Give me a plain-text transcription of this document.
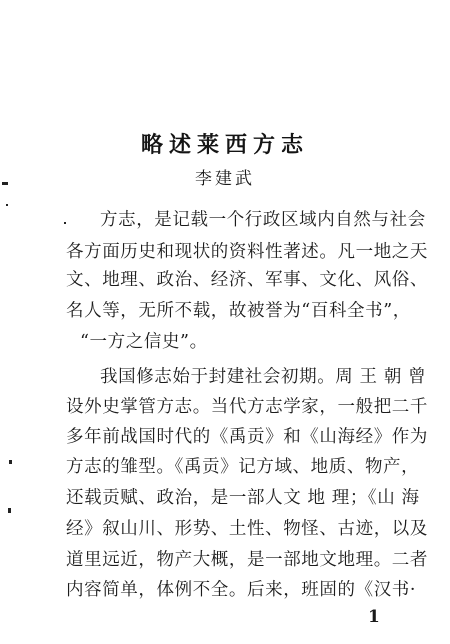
略述莱西方志
李建武
方志，是记载一个行政区域内自然与社会
各方面历史和现状的资料性著述。凡一地之天
文、地理、政治、经济、军事、文化、风俗、
名人等，无所不载，故被誉为“百科全书”，
“一方之信史”。
我国修志始于封建社会初期。周 王 朝 曾
设外史掌管方志。当代方志学家，一般把二千
多年前战国时代的《禹贡》和《山海经》作为
方志的雏型。《禹贡》记方域、地质、物产，
还载贡赋、政治，是一部人文 地 理；《山 海
经》叙山川、形势、土性、物怪、古迹，以及
道里远近，物产大概，是一部地文地理。二者
内容简单，体例不全。后来，班固的《汉书·
1
